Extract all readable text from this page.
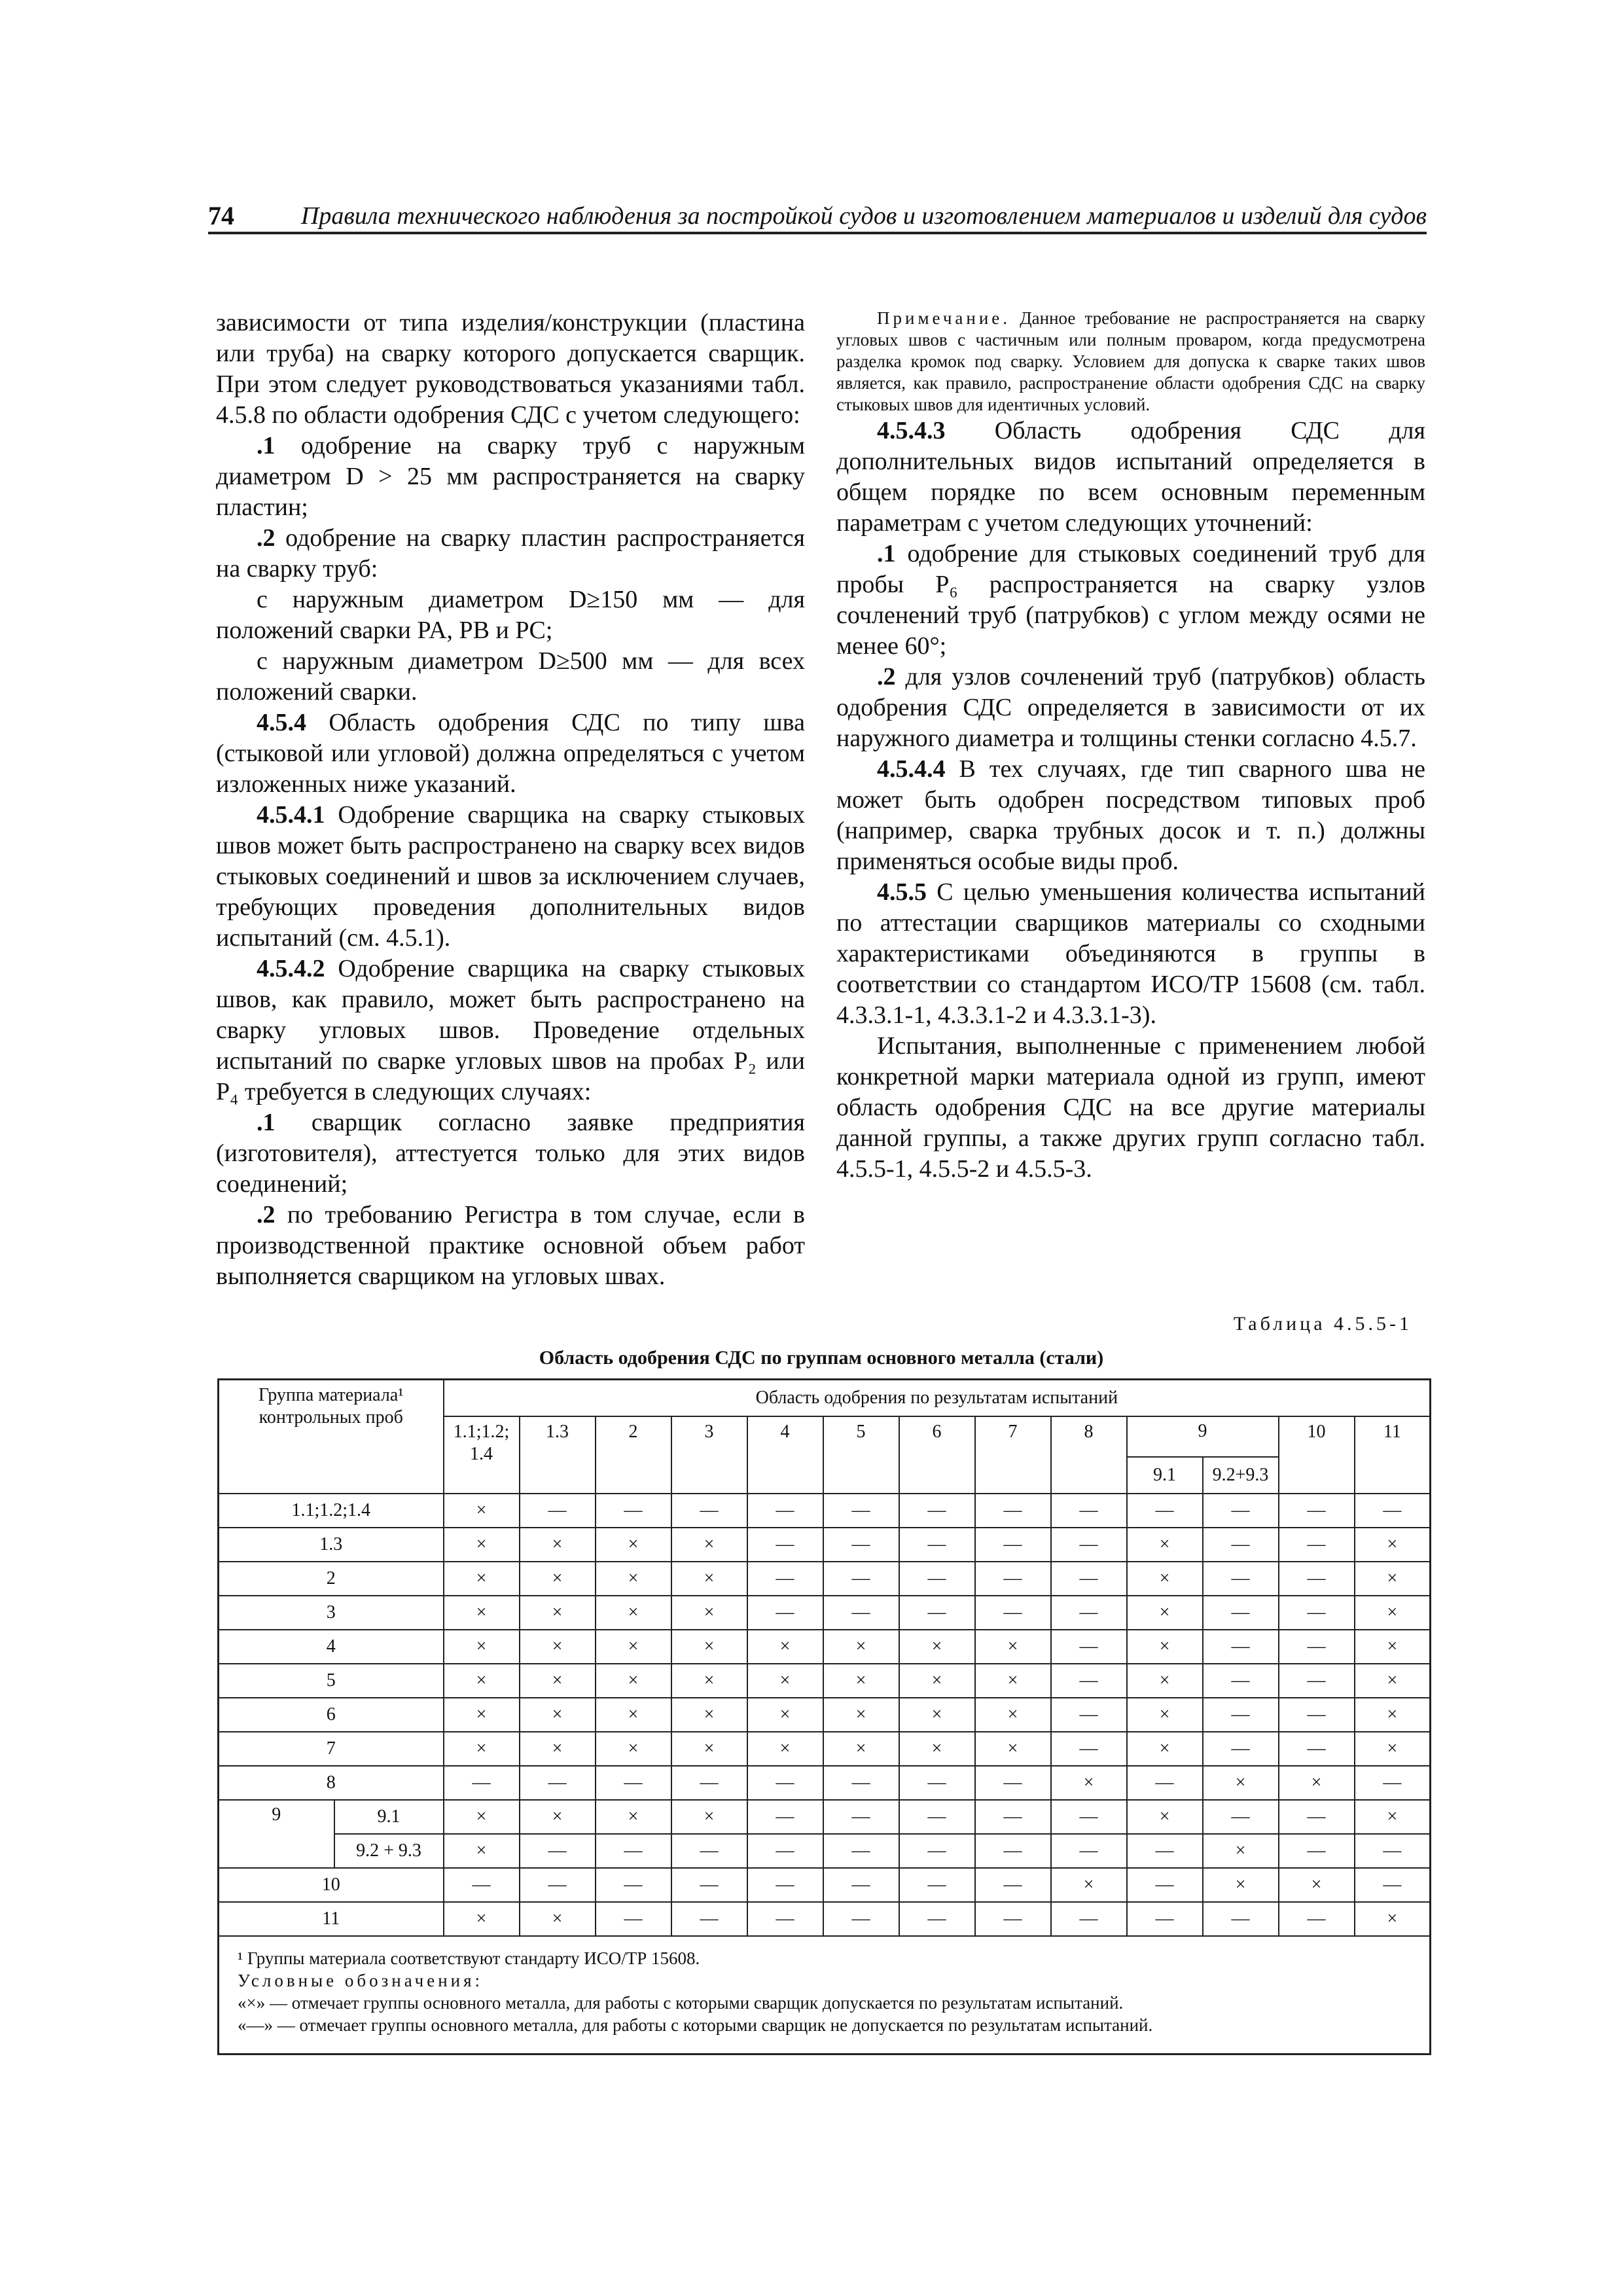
74	Правила технического наблюдения за постройкой судов и изготовлением материалов и изделий для судов

зависимости от типа изделия/конструкции (пластина или труба) на сварку которого допускается сварщик. При этом следует руководствоваться указаниями табл. 4.5.8 по области одобрения СДС с учетом следующего:

.1 одобрение на сварку труб с наружным диаметром D > 25 мм распространяется на сварку пластин;

.2 одобрение на сварку пластин распространяется на сварку труб:

с наружным диаметром D≥150 мм — для положений сварки PA, PB и PC;

с наружным диаметром D≥500 мм — для всех положений сварки.

4.5.4 Область одобрения СДС по типу шва (стыковой или угловой) должна определяться с учетом изложенных ниже указаний.

4.5.4.1 Одобрение сварщика на сварку стыковых швов может быть распространено на сварку всех видов стыковых соединений и швов за исключением случаев, требующих проведения дополнительных видов испытаний (см. 4.5.1).

4.5.4.2 Одобрение сварщика на сварку стыковых швов, как правило, может быть распространено на сварку угловых швов. Проведение отдельных испытаний по сварке угловых швов на пробах P₂ или P₄ требуется в следующих случаях:

.1 сварщик согласно заявке предприятия (изготовителя), аттестуется только для этих видов соединений;

.2 по требованию Регистра в том случае, если в производственной практике основной объем работ выполняется сварщиком на угловых швах.

Примечание. Данное требование не распространяется на сварку угловых швов с частичным или полным проваром, когда предусмотрена разделка кромок под сварку. Условием для допуска к сварке таких швов является, как правило, распространение области одобрения СДС на сварку стыковых швов для идентичных условий.

4.5.4.3 Область одобрения СДС для дополнительных видов испытаний определяется в общем порядке по всем основным переменным параметрам с учетом следующих уточнений:

.1 одобрение для стыковых соединений труб для пробы P₆ распространяется на сварку узлов сочленений труб (патрубков) с углом между осями не менее 60°;

.2 для узлов сочленений труб (патрубков) область одобрения СДС определяется в зависимости от их наружного диаметра и толщины стенки согласно 4.5.7.

4.5.4.4 В тех случаях, где тип сварного шва не может быть одобрен посредством типовых проб (например, сварка трубных досок и т. п.) должны применяться особые виды проб.

4.5.5 С целью уменьшения количества испытаний по аттестации сварщиков материалы со сходными характеристиками объединяются в группы в соответствии со стандартом ИСО/ТР 15608 (см. табл. 4.3.3.1-1, 4.3.3.1-2 и 4.3.3.1-3).

Испытания, выполненные с применением любой конкретной марки материала одной из групп, имеют область одобрения СДС на все другие материалы данной группы, а также других групп согласно табл. 4.5.5-1, 4.5.5-2 и 4.5.5-3.

Таблица 4.5.5-1
Область одобрения СДС по группам основного металла (стали)
Группа материала¹ контрольных проб		Область одобрения по результатам испытаний												
		1.1;1.2; 1.4	1.3	2	3	4	5	6	7	8	9		10	11
											9.1	9.2+9.3		
1.1;1.2;1.4		×	—	—	—	—	—	—	—	—	—	—	—	—
1.3		×	×	×	×	—	—	—	—	—	×	—	—	×
2		×	×	×	×	—	—	—	—	—	×	—	—	×
3		×	×	×	×	—	—	—	—	—	×	—	—	×
4		×	×	×	×	×	×	×	×	—	×	—	—	×
5		×	×	×	×	×	×	×	×	—	×	—	—	×
6		×	×	×	×	×	×	×	×	—	×	—	—	×
7		×	×	×	×	×	×	×	×	—	×	—	—	×
8		—	—	—	—	—	—	—	—	×	—	×	×	—
9	9.1	×	×	×	×	—	—	—	—	—	×	—	—	×
	9.2 + 9.3	×	—	—	—	—	—	—	—	—	—	×	—	—
10		—	—	—	—	—	—	—	—	×	—	×	×	—
11		×	×	—	—	—	—	—	—	—	—	—	—	×

¹ Группы материала соответствуют стандарту ИСО/ТР 15608.
Условные обозначения:
«×» — отмечает группы основного металла, для работы с которыми сварщик допускается по результатам испытаний.
«—» — отмечает группы основного металла, для работы с которыми сварщик не допускается по результатам испытаний.														
